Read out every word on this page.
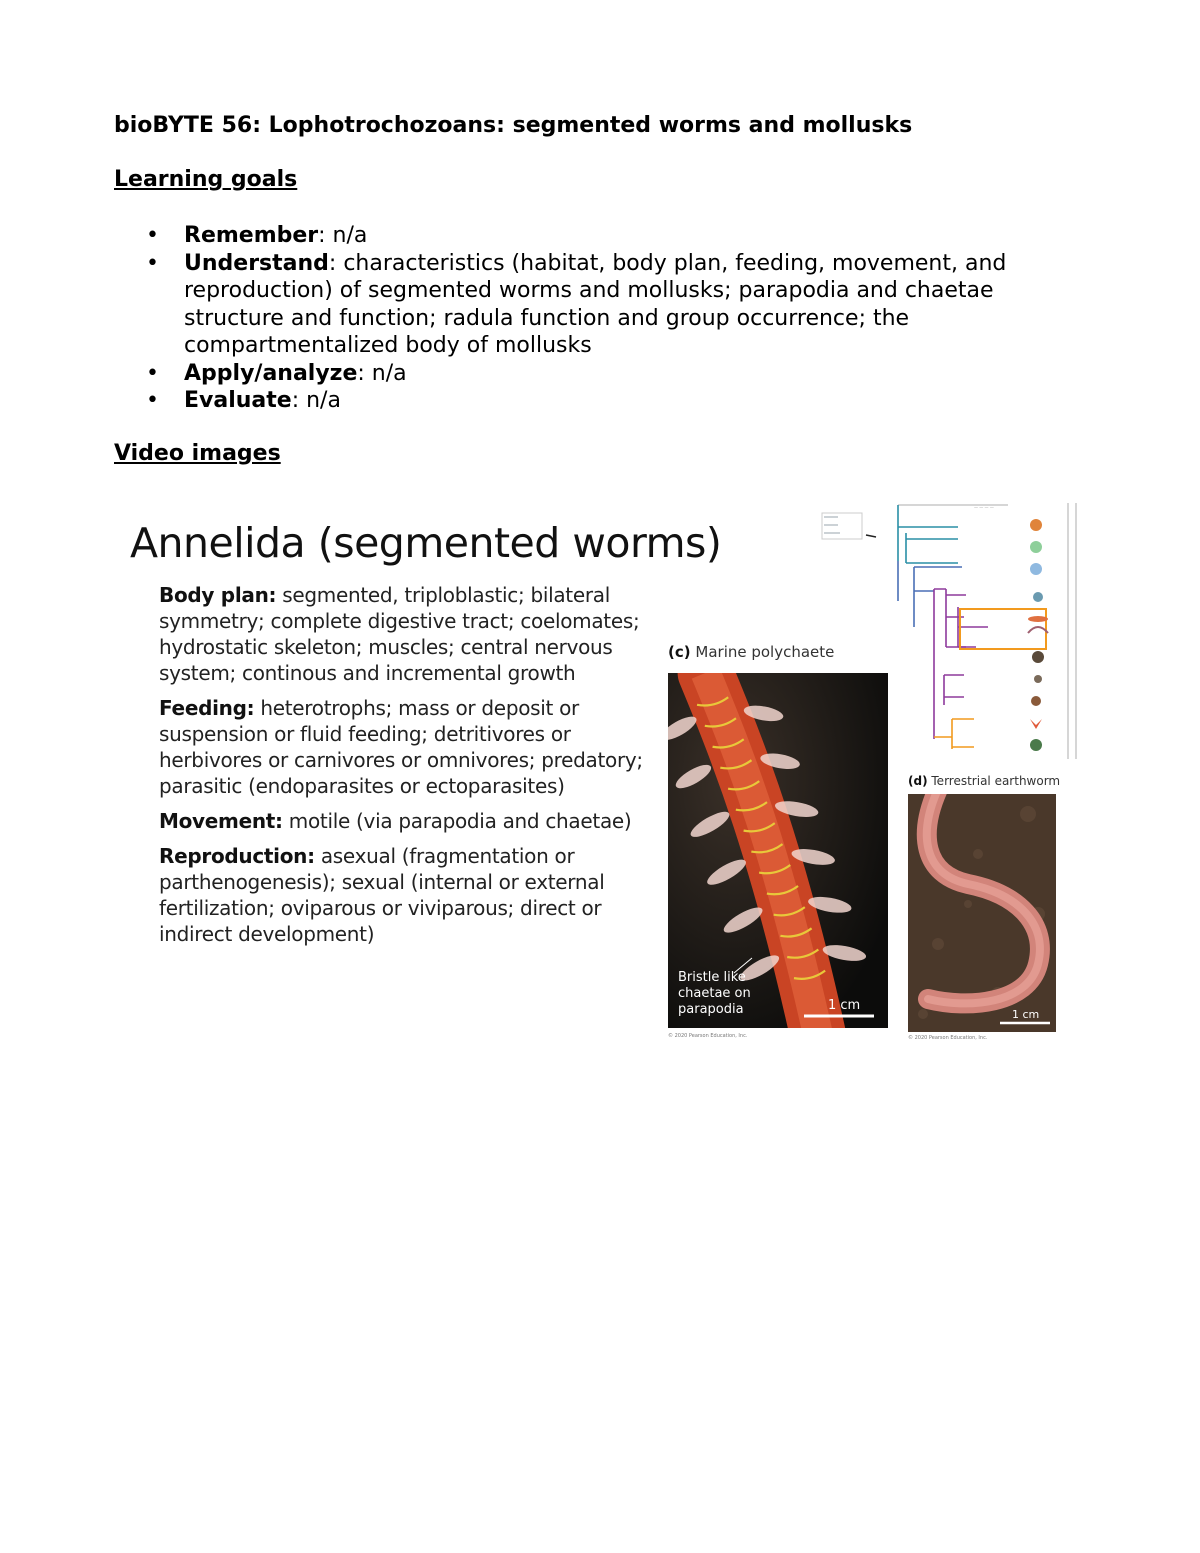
bioBYTE 56: Lophotrochozoans: segmented worms and mollusks
Learning goals
• Remember: n/a
• Understand: characteristics (habitat, body plan, feeding, movement, and reproduction) of segmented worms and mollusks; parapodia and chaetae structure and function; radula function and group occurrence; the compartmentalized body of mollusks
• Apply/analyze: n/a
• Evaluate: n/a
Video images
Annelida (segmented worms)

Body plan: segmented, triploblastic; bilateral symmetry; complete digestive tract; coelomates; hydrostatic skeleton; muscles; central nervous system; continous and incremental growth

Feeding: heterotrophs; mass or deposit or suspension or fluid feeding; detritivores or herbivores or carnivores or omnivores; predatory; parasitic (endoparasites or ectoparasites)

Movement: motile (via parapodia and chaetae)

Reproduction: asexual (fragmentation or parthenogenesis); sexual (internal or external fertilization; oviparous or viviparous; direct or indirect development)

— — — —
(c) Marine polychaete
Bristle like
chaetae on
parapodia	1 cm
© 2020 Pearson Education, Inc.
(d) Terrestrial earthworm
1 cm
© 2020 Pearson Education, Inc.
